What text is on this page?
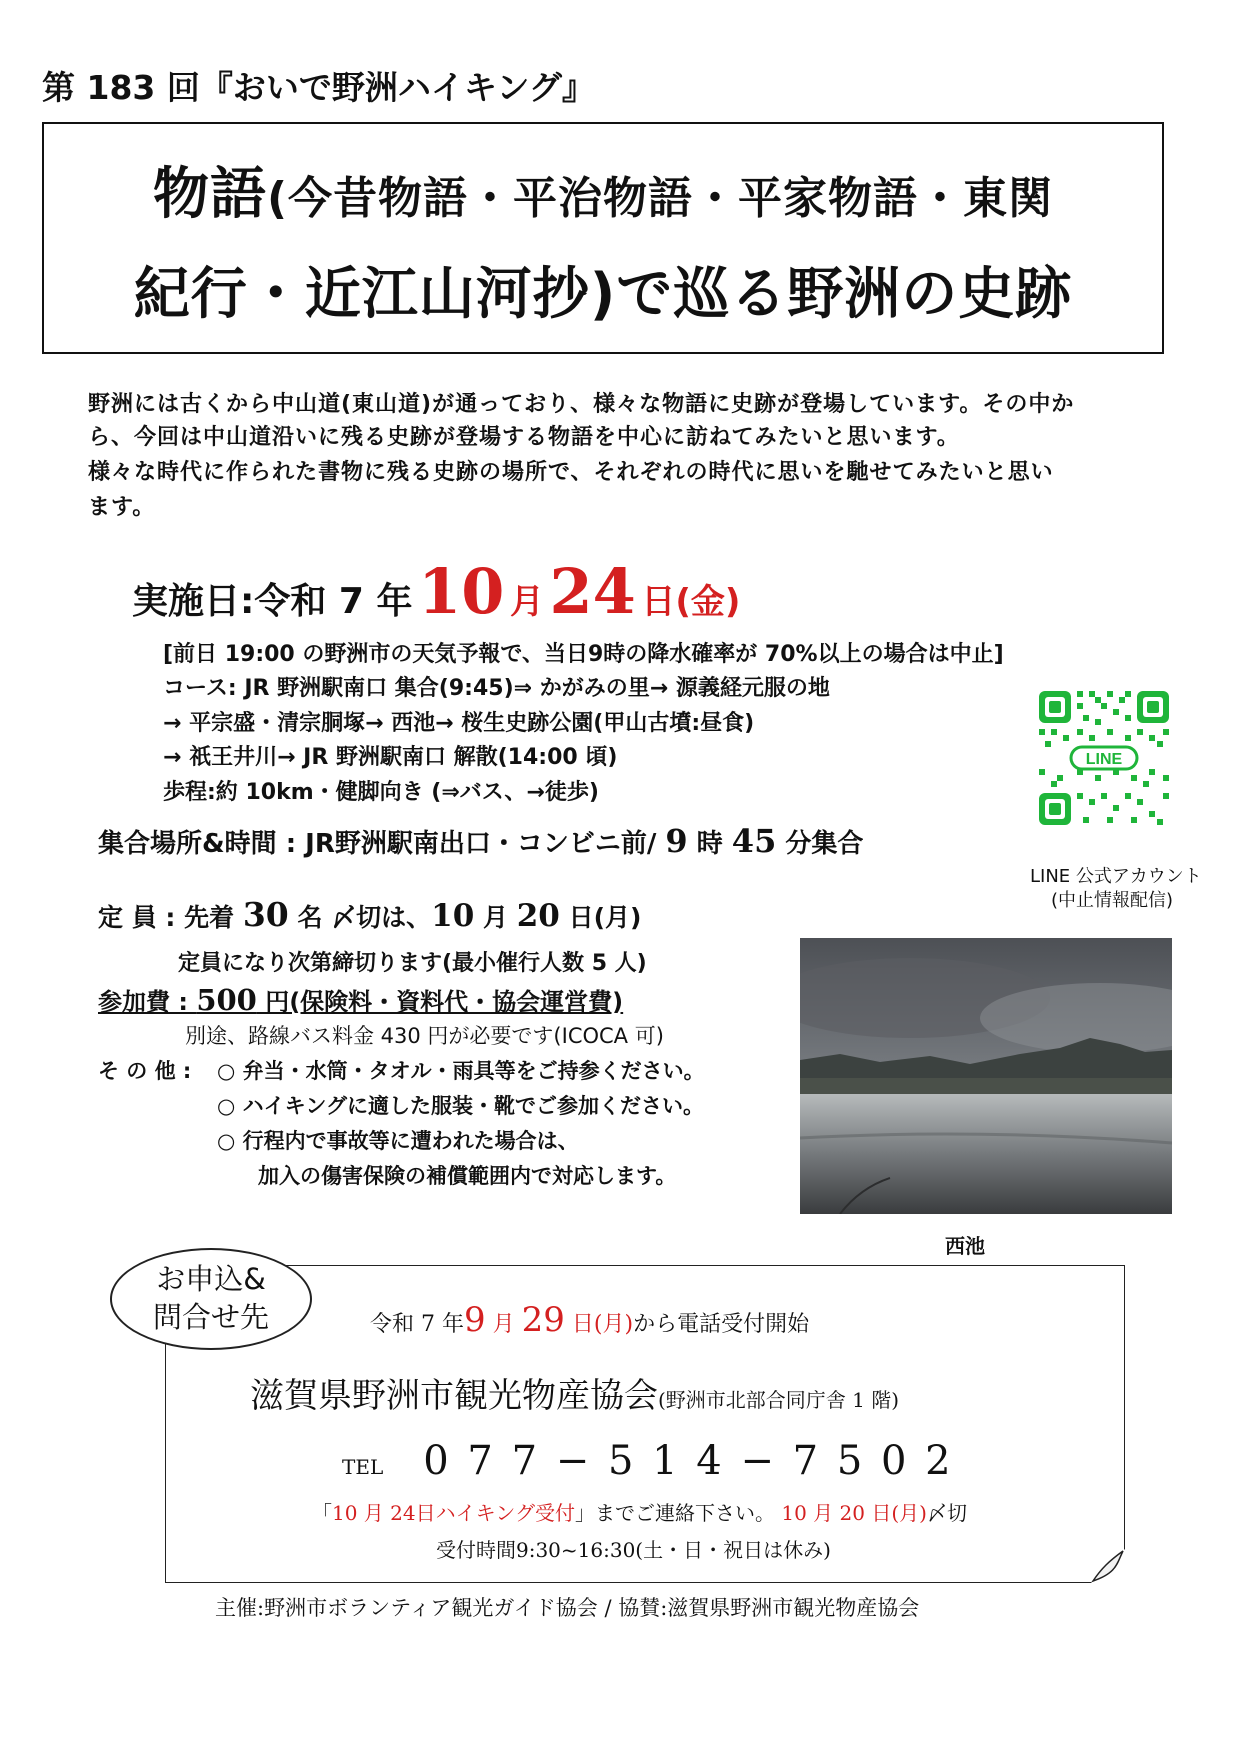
第 183 回『おいで野洲ハイキング』
物語(今昔物語・平治物語・平家物語・東関
紀行・近江山河抄)で巡る野洲の史跡
野洲には古くから中山道(東山道)が通っており、様々な物語に史跡が登場しています。その中か
ら、今回は中山道沿いに残る史跡が登場する物語を中心に訪ねてみたいと思います。
様々な時代に作られた書物に残る史跡の場所で、それぞれの時代に思いを馳せてみたいと思い
ます。
実施日:令和 7 年 10 月 24 日(金)
[前日 19:00 の野洲市の天気予報で、当日9時の降水確率が 70%以上の場合は中止]
コース: JR 野洲駅南口 集合(9:45)⇒ かがみの里→ 源義経元服の地
→ 平宗盛・清宗胴塚→ 西池→ 桜生史跡公園(甲山古墳:昼食)
→ 祇王井川→ JR 野洲駅南口 解散(14:00 頃)
歩程:約 10km・健脚向き (⇒バス、→徒歩)
集合場所&時間 : JR野洲駅南出口・コンビニ前/ 9 時 45 分集合
定 員 : 先着 30 名 〆切は、10 月 20 日(月)
定員になり次第締切ります(最小催行人数 5 人)
参加費 : 500 円(保険料・資料代・協会運営費)
別途、路線バス料金 430 円が必要です(ICOCA 可)
そ の 他 : ○ 弁当・水筒・タオル・雨具等をご持参ください。
○ ハイキングに適した服装・靴でご参加ください。
○ 行程内で事故等に遭われた場合は、
加入の傷害保険の補償範囲内で対応します。
LINE
LINE 公式アカウント
(中止情報配信)
西池
令和 7 年9 月 29 日(月)から電話受付開始
滋賀県野洲市観光物産協会(野洲市北部合同庁舎 1 階)
TEL 0 7 7 − 5 1 4 − 7 5 0 2
「10 月 24日ハイキング受付」までご連絡下さい。 10 月 20 日(月)〆切
受付時間9:30~16:30(土・日・祝日は休み)
お申込&
問合せ先
主催:野洲市ボランティア観光ガイド協会 / 協賛:滋賀県野洲市観光物産協会
